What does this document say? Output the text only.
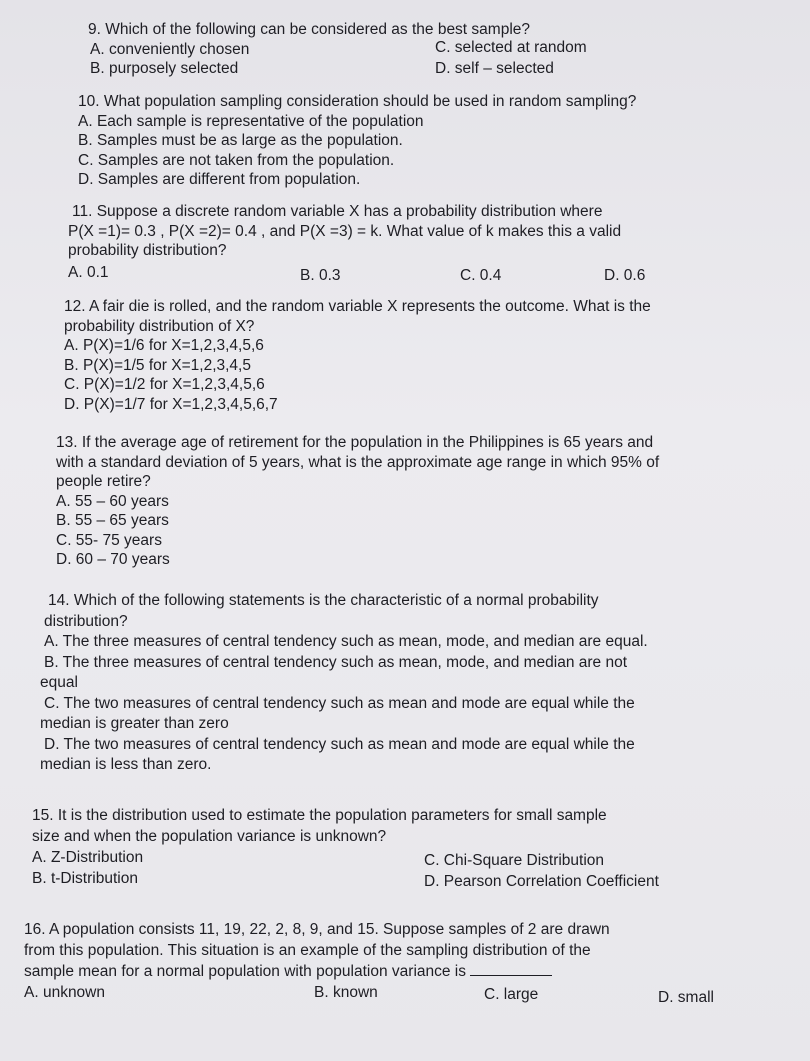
9. Which of the following can be considered as the best sample?
A. conveniently chosen	C. selected at random
B. purposely selected	D. self – selected
10. What population sampling consideration should be used in random sampling?
A. Each sample is representative of the population
B. Samples must be as large as the population.
C. Samples are not taken from the population.
D. Samples are different from population.
11. Suppose a discrete random variable X has a probability distribution where
P(X =1)= 0.3 , P(X =2)= 0.4 , and P(X =3) = k. What value of k makes this a valid
probability distribution?
A. 0.1	B. 0.3	C. 0.4	D. 0.6
12. A fair die is rolled, and the random variable X represents the outcome. What is the
probability distribution of X?
A. P(X)=1/6 for X=1,2,3,4,5,6
B. P(X)=1/5 for X=1,2,3,4,5
C. P(X)=1/2 for X=1,2,3,4,5,6
D. P(X)=1/7 for X=1,2,3,4,5,6,7
13. If the average age of retirement for the population in the Philippines is 65 years and
with a standard deviation of 5 years, what is the approximate age range in which 95% of
people retire?
A. 55 – 60 years
B. 55 – 65 years
C. 55- 75 years
D. 60 – 70 years
14. Which of the following statements is the characteristic of a normal probability
distribution?
A. The three measures of central tendency such as mean, mode, and median are equal.
B. The three measures of central tendency such as mean, mode, and median are not
equal
C. The two measures of central tendency such as mean and mode are equal while the
median is greater than zero
D. The two measures of central tendency such as mean and mode are equal while the
median is less than zero.
15. It is the distribution used to estimate the population parameters for small sample
size and when the population variance is unknown?
A. Z-Distribution	C. Chi-Square Distribution
B. t-Distribution	D. Pearson Correlation Coefficient
16. A population consists 11, 19, 22, 2, 8, 9, and 15. Suppose samples of 2 are drawn
from this population. This situation is an example of the sampling distribution of the
sample mean for a normal population with population variance is
A. unknown	B. known	C. large	D. small
